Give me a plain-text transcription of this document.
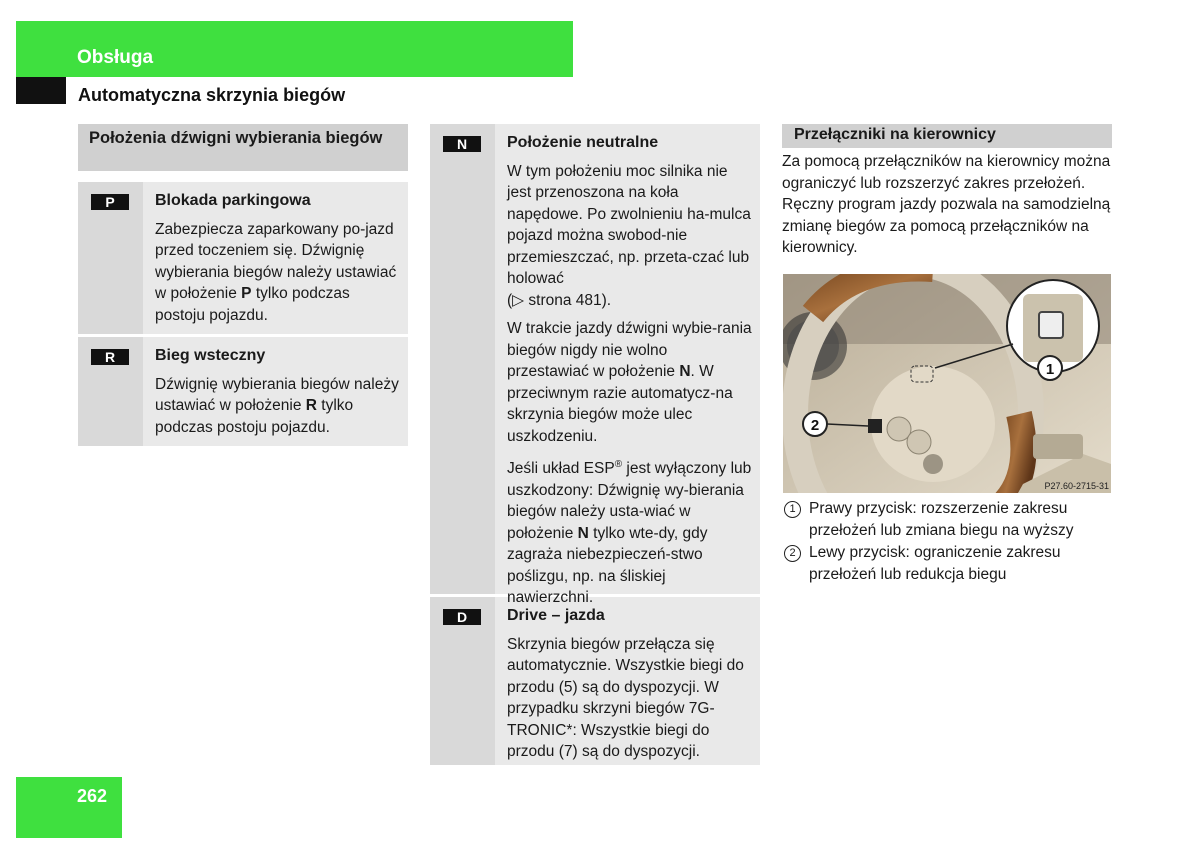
Obsługa
Automatyczna skrzynia biegów
Położenia dźwigni wybierania biegów
P	Blokada parkingowa

Zabezpiecza zaparkowany po-jazd przed toczeniem się. Dźwignię wybierania biegów należy ustawiać w położenie P tylko podczas postoju pojazdu.

R	Bieg wsteczny

Dźwignię wybierania biegów należy ustawiać w położenie R tylko podczas postoju pojazdu.

N	Położenie neutralne

W tym położeniu moc silnika nie jest przenoszona na koła napędowe. Po zwolnieniu ha-mulca pojazd można swobod-nie przemieszczać, np. przeta-czać lub holować
(▷ strona 481).

W trakcie jazdy dźwigni wybie-rania biegów nigdy nie wolno przestawiać w położenie N. W przeciwnym razie automatycz-na skrzynia biegów może ulec uszkodzeniu.

Jeśli układ ESP® jest wyłączony lub uszkodzony: Dźwignię wy-bierania biegów należy usta-wiać w położenie N tylko wte-dy, gdy zagraża niebezpieczeń-stwo poślizgu, np. na śliskiej nawierzchni.

D	Drive – jazda

Skrzynia biegów przełącza się automatycznie. Wszystkie biegi do przodu (5) są do dyspozycji. W przypadku skrzyni biegów 7G-TRONIC*: Wszystkie biegi do przodu (7) są do dyspozycji.

Przełączniki na kierownicy
Za pomocą przełączników na kierownicy można ograniczyć lub rozszerzyć zakres przełożeń. Ręczny program jazdy pozwala na samodzielną zmianę biegów za pomocą przełączników na kierownicy.
1
2
P27.60-2715-31
1 Prawy przycisk: rozszerzenie zakresu przełożeń lub zmiana biegu na wyższy
2 Lewy przycisk: ograniczenie zakresu przełożeń lub redukcja biegu
262
